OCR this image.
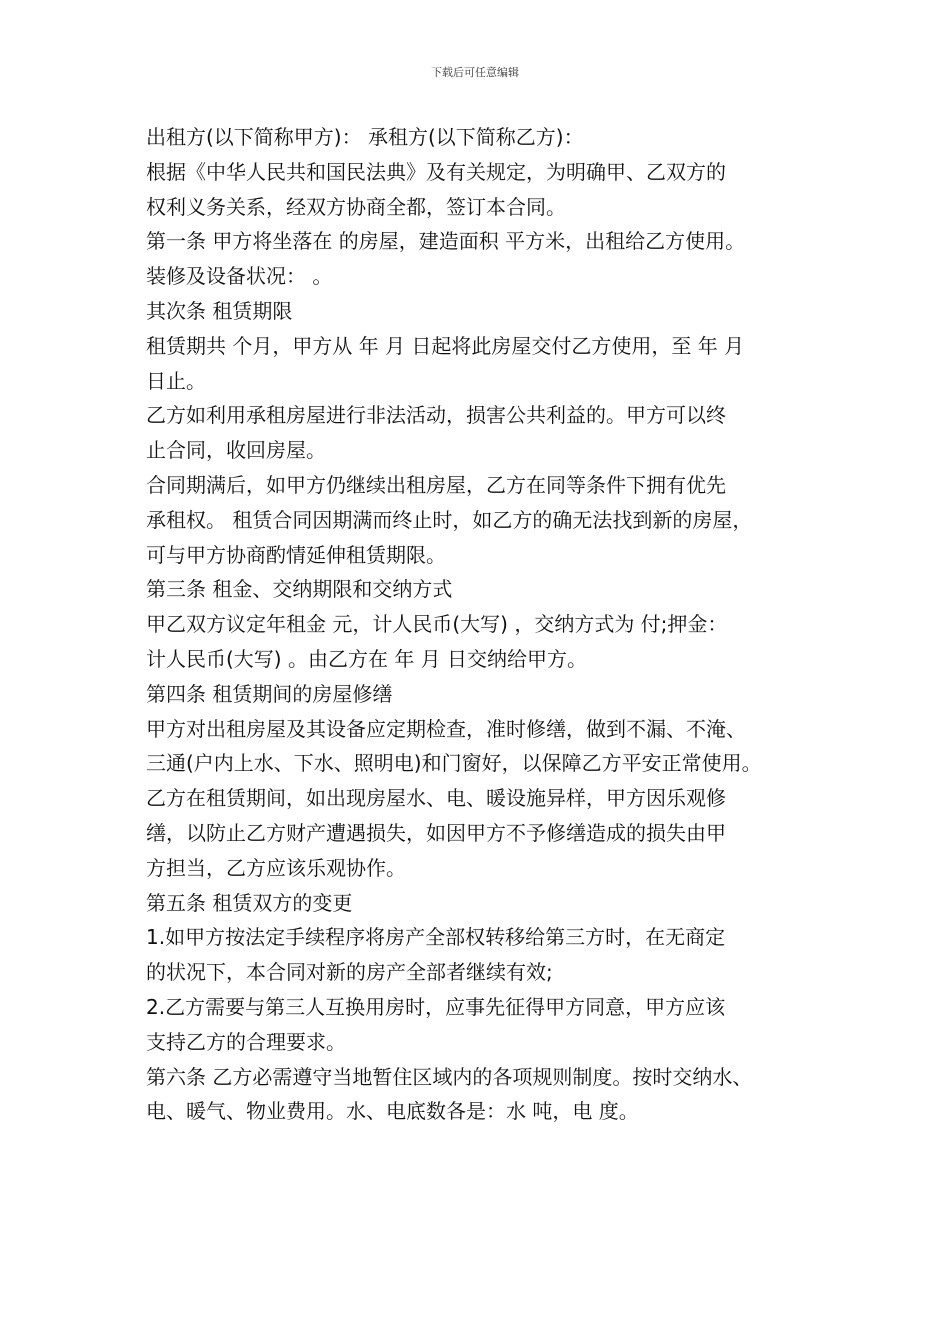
下载后可任意编辑
出租方(以下简称甲方)： 承租方(以下简称乙方)：
根据《中华人民共和国民法典》及有关规定，为明确甲、乙双方的
权利义务关系，经双方协商全都，签订本合同。
第一条 甲方将坐落在 的房屋，建造面积 平方米，出租给乙方使用。
装修及设备状况： 。
其次条 租赁期限
租赁期共 个月，甲方从 年 月 日起将此房屋交付乙方使用，至 年 月
日止。
乙方如利用承租房屋进行非法活动，损害公共利益的。甲方可以终
止合同，收回房屋。
合同期满后，如甲方仍继续出租房屋，乙方在同等条件下拥有优先
承租权。 租赁合同因期满而终止时，如乙方的确无法找到新的房屋，
可与甲方协商酌情延伸租赁期限。
第三条 租金、交纳期限和交纳方式
甲乙双方议定年租金 元，计人民币(大写) ，交纳方式为 付;押金：
计人民币(大写) 。由乙方在 年 月 日交纳给甲方。
第四条 租赁期间的房屋修缮
甲方对出租房屋及其设备应定期检查，准时修缮，做到不漏、不淹、
三通(户内上水、下水、照明电)和门窗好，以保障乙方平安正常使用。
乙方在租赁期间，如出现房屋水、电、暖设施异样，甲方因乐观修
缮，以防止乙方财产遭遇损失，如因甲方不予修缮造成的损失由甲
方担当，乙方应该乐观协作。
第五条 租赁双方的变更
1.如甲方按法定手续程序将房产全部权转移给第三方时，在无商定
的状况下，本合同对新的房产全部者继续有效;
2.乙方需要与第三人互换用房时，应事先征得甲方同意，甲方应该
支持乙方的合理要求。
第六条 乙方必需遵守当地暂住区域内的各项规则制度。按时交纳水、
电、暖气、物业费用。水、电底数各是：水 吨，电 度。
